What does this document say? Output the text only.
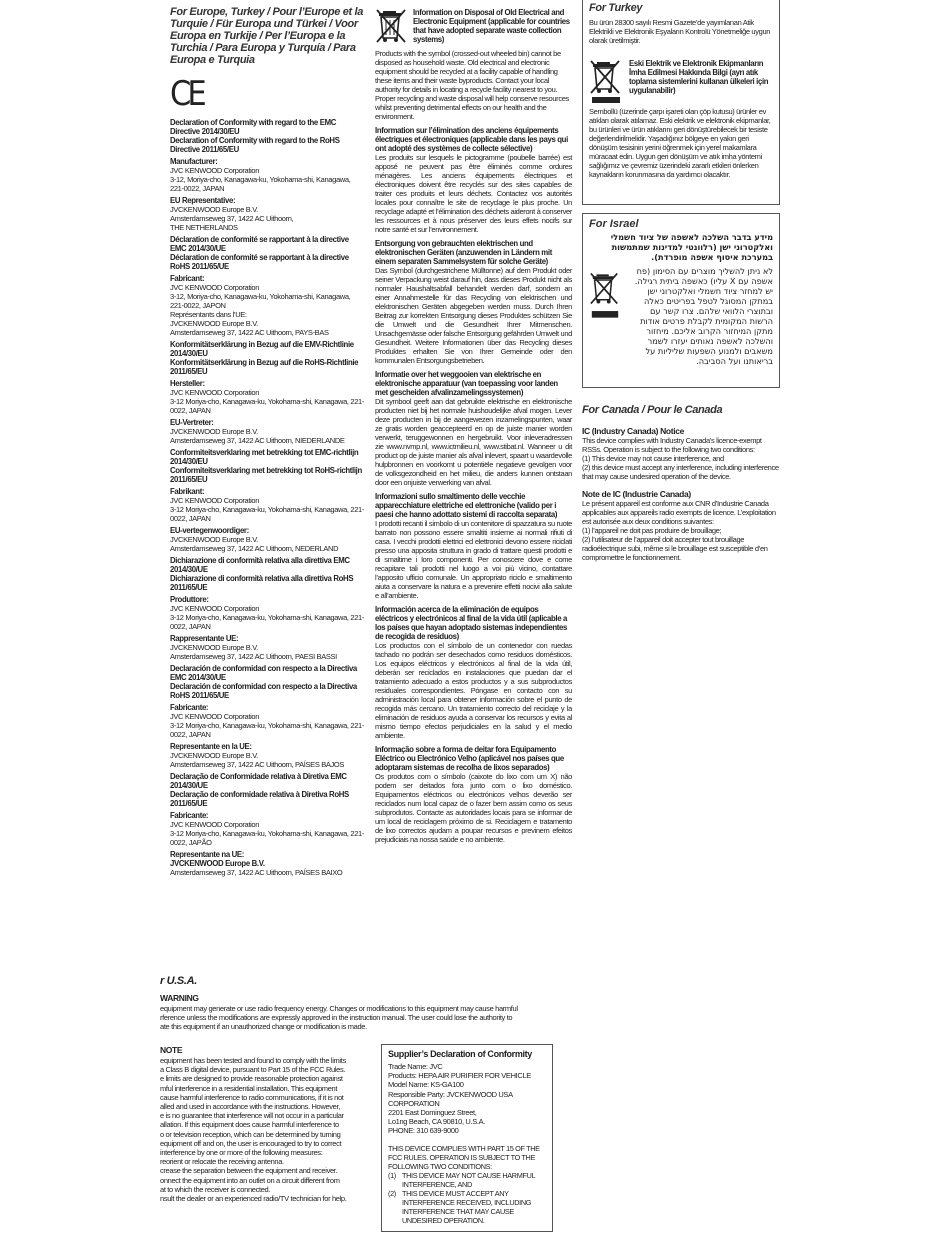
For Europe, Turkey / Pour l’Europe et la Turquie / Für Europa und Türkei / Voor Europa en Turkije / Per l’Europa e la Turchia / Para Europa y Turquía / Para Europa e Turquia
CE

Declaration of Conformity with regard to the EMC Directive 2014/30/EU

Declaration of Conformity with regard to the RoHS Directive 2011/65/EU

Manufacturer:

JVC KENWOOD Corporation
3-12, Moriya-cho, Kanagawa-ku, Yokohama-shi, Kanagawa, 221-0022, JAPAN

EU Representative:

JVCKENWOOD Europe B.V.
Amsterdamseweg 37, 1422 AC Uithoorn,
THE NETHERLANDS

Déclaration de conformité se rapportant à la directive EMC 2014/30/UE

Déclaration de conformité se rapportant à la directive RoHS 2011/65/UE

Fabricant:

JVC KENWOOD Corporation
3-12, Moriya-cho, Kanagawa-ku, Yokohama-shi, Kanagawa, 221-0022, JAPON
Représentants dans l’UE:
JVCKENWOOD Europe B.V.
Amsterdamseweg 37, 1422 AC Uithoorn, PAYS-BAS

Konformitätserklärung in Bezug auf die EMV-Richtlinie 2014/30/EU

Konformitätserklärung in Bezug auf die RoHS-Richtlinie 2011/65/EU

Hersteller:

JVC KENWOOD Corporation
3-12 Moriya-cho, Kanagawa-ku, Yokohama-shi, Kanagawa, 221-0022, JAPAN

EU-Vertreter:

JVCKENWOOD Europe B.V.
Amsterdamseweg 37, 1422 AC Uithoorn, NIEDERLANDE

Conformiteitsverklaring met betrekking tot EMC-richtlijn 2014/30/EU

Conformiteitsverklaring met betrekking tot RoHS-richtlijn 2011/65/EU

Fabrikant:

JVC KENWOOD Corporation
3-12 Moriya-cho, Kanagawa-ku, Yokohama-shi, Kanagawa, 221-0022, JAPAN

EU-vertegenwoordiger:

JVCKENWOOD Europe B.V.
Amsterdamseweg 37, 1422 AC Uithoorn, NEDERLAND

Dichiarazione di conformità relativa alla direttiva EMC 2014/30/UE

Dichiarazione di conformità relativa alla direttiva RoHS 2011/65/UE

Produttore:

JVC KENWOOD Corporation
3-12 Moriya-cho, Kanagawa-ku, Yokohama-shi, Kanagawa, 221-0022, JAPAN

Rappresentante UE:

JVCKENWOOD Europe B.V.
Amsterdamseweg 37, 1422 AC Uithoorn, PAESI BASSI

Declaración de conformidad con respecto a la Directiva EMC 2014/30/UE

Declaración de conformidad con respecto a la Directiva RoHS 2011/65/UE

Fabricante:

JVC KENWOOD Corporation
3-12 Moriya-cho, Kanagawa-ku, Yokohama-shi, Kanagawa, 221-0022, JAPAN

Representante en la UE:

JVCKENWOOD Europe B.V.
Amsterdamseweg 37, 1422 AC Uithoorn, PAÍSES BAJOS

Declaração de Conformidade relativa à Diretiva EMC 2014/30/UE

Declaração de conformidade relativa à Diretiva RoHS 2011/65/UE

Fabricante:

JVC KENWOOD Corporation
3-12 Moriya-cho, Kanagawa-ku, Yokohama-shi, Kanagawa, 221-0022, JAPÃO

Representante na UE:

JVCKENWOOD Europe B.V.

Amsterdamseweg 37, 1422 AC Uithoorn, PAÍSES BAIXO

Information on Disposal of Old Electrical and Electronic Equipment (applicable for countries that have adopted separate waste collection systems)

Products with the symbol (crossed-out wheeled bin) cannot be disposed as household waste. Old electrical and electronic equipment should be recycled at a facility capable of handling these items and their waste byproducts. Contact your local authority for details in locating a recycle facility nearest to you. Proper recycling and waste disposal will help conserve resources whilst preventing detrimental effects on our health and the environment.

Information sur l’élimination des anciens équipements électriques et électroniques (applicable dans les pays qui ont adopté des systèmes de collecte sélective)

Les produits sur lesquels le pictogramme (poubelle barrée) est apposé ne peuvent pas être éliminés comme ordures ménagères. Les anciens équipements électriques et électroniques doivent être recyclés sur des sites capables de traiter ces produits et leurs déchets. Contactez vos autorités locales pour connaître le site de recyclage le plus proche. Un recyclage adapté et l’élimination des déchets aideront à conserver les ressources et à nous préserver des leurs effets nocifs sur notre santé et sur l’environnement.

Entsorgung von gebrauchten elektrischen und elektronischen Geräten (anzuwenden in Ländern mit einem separaten Sammelsystem für solche Geräte)

Das Symbol (durchgestrichene Mülltonne) auf dem Produkt oder seiner Verpackung weist darauf hin, dass dieses Produkt nicht als normaler Haushaltsabfall behandelt werden darf, sondern an einer Annahmestelle für das Recycling von elektrischen und elektronischen Geräten abgegeben werden muss. Durch Ihren Beitrag zur korrekten Entsorgung dieses Produktes schützen Sie die Umwelt und die Gesundheit Ihrer Mitmenschen. Unsachgemässe oder falsche Entsorgung gefährden Umwelt und Gesundheit. Weitere Informationen über das Recycling dieses Produktes erhalten Sie von Ihrer Gemeinde oder den kommunalen Entsorgungsbetrieben.

Informatie over het weggooien van elektrische en elektronische apparatuur (van toepassing voor landen met gescheiden afvalinzamelingssystemen)

Dit symbool geeft aan dat gebruikte elektrische en elektronische producten niet bij het normale huishoudelijke afval mogen. Lever deze producten in bij de aangewezen inzamelingspunten, waar ze gratis worden geaccepteerd en op de juiste manier worden verwerkt, teruggewonnen en hergebruikt. Voor inleveradressen zie www.nvmp.nl, www.ictmilieu.nl, www.stibat.nl. Wanneer u dit product op de juiste manier als afval inlevert, spaart u waardevolle hulpbronnen en voorkomt u potentiële negatieve gevolgen voor de volksgezondheid en het milieu, die anders kunnen ontstaan door een onjuiste verwerking van afval.

Informazioni sullo smaltimento delle vecchie apparecchiature elettriche ed elettroniche (valido per i paesi che hanno adottato sistemi di raccolta separata)

I prodotti recanti il simbolo di un contenitore di spazzatura su ruote barrato non possono essere smaltiti insieme ai normali rifiuti di casa. I vecchi prodotti elettrici ed elettronici devono essere riciclati presso una apposita struttura in grado di trattare questi prodotti e di smaltirne i loro componenti. Per conoscere dove e come recapitare tali prodotti nel luogo a voi più vicino, contattare l’apposito ufficio comunale. Un appropriato riciclo e smaltimento aiuta a conservare la natura e a prevenire effetti nocivi alla salute e all’ambiente.

Información acerca de la eliminación de equipos eléctricos y electrónicos al final de la vida útil (aplicable a los países que hayan adoptado sistemas independientes de recogida de residuos)

Los productos con el símbolo de un contenedor con ruedas tachado no podrán ser desechados como residuos domésticos. Los equipos eléctricos y electrónicos al final de la vida útil, deberán ser reciclados en instalaciones que puedan dar el tratamiento adecuado a estos productos y a sus subproductos residuales correspondientes. Póngase en contacto con su administración local para obtener información sobre el punto de recogida más cercano. Un tratamiento correcto del reciclaje y la eliminación de residuos ayuda a conservar los recursos y evita al mismo tiempo efectos perjudiciales en la salud y el medio ambiente.

Informação sobre a forma de deitar fora Equipamento Eléctrico ou Electrónico Velho (aplicável nos países que adoptaram sistemas de recolha de lixos separados)

Os produtos com o símbolo (caixote do lixo com um X) não podem ser deitados fora junto com o lixo doméstico. Equipamentos eléctricos ou electrónicos velhos deverão ser reciclados num local capaz de o fazer bem assim como os seus subprodutos. Contacte as autoridades locais para se informar de um local de reciclagem próximo de si. Reciclagem e tratamento de lixo correctos ajudam a poupar recursos e previnem efeitos prejudiciais na nossa saúde e no ambiente.

For Turkey

Bu ürün 28300 sayılı Resmi Gazete’de yayımlanan Atik Elektrikli ve Elektronik Eşyaların Kontrolü Yönetmeliğe uygun olarak üretilmiştir.

Eski Elektrik ve Elektronik Ekipmanların İmha Edilmesi Hakkında Bilgi (ayrı atık toplama sistemlerini kullanan ülkeleri için uygulanabilir)

Sembollü (üzerinde çarpı işareti olan çöp kutusu) ürünler ev atıkları olarak atılamaz. Eski elektrik ve elektronik ekipmanlar, bu ürünleri ve ürün atıklarını geri dönüştürebilecek bir tesiste değerlendirilmelidir. Yaşadığınız bölgeye en yakın geri dönüşüm tesisinin yerini öğrenmek için yerel makamlara müracaat edin. Uygun geri dönüşüm ve atık imha yöntemi sağlığımız ve çevremiz üzerindeki zararlı etkileri önlerken kaynakların korunmasına da yardımcı olacaktır.

For Israel

מידע בדבר השלכה לאשפה של ציוד חשמלי ואלקטרוני ישן (רלוונטי למדינות שמתמשות במערכת איסוף אשפה מופרדת).

לא ניתן להשליך מוצרים עם הסימון (פח אשפה עם X עליו) כאשפה ביתית רגילה. יש למחזר ציוד חשמלי ואלקטרוני ישן במתקן המסוגל לטפל בפריטים כאלה ובתוצרי הלוואי שלהם. צרו קשר עם הרשות המקומית לקבלת פרטים אודות מתקן המיחזור הקרוב אליכם. מיחזור והשלכה לאשפה נאותים יעזרו לשמר משאבים ולמנוע השפעות שליליות על בריאותנו ועל הסביבה.

For Canada / Pour le Canada

IC (Industry Canada) Notice

This device complies with Industry Canada’s licence-exempt RSSs. Operation is subject to the following two conditions:
(1) This device may not cause interference, and
(2) this device must accept any interference, including interference that may cause undesired operation of the device.

Note de IC (Industrie Canada)

Le présent appareil est conforme aux CNR d’Industrie Canada applicables aux appareils radio exempts de licence. L’exploitation est autorisée aux deux conditions suivantes:
(1) l’appareil ne doit pas produire de brouillage;
(2) l’utilisateur de l’appareil doit accepter tout brouillage radioélectrique subi, même si le brouillage est susceptible d’en compromettre le fonctionnement.

r U.S.A.

WARNING

equipment may generate or use radio frequency energy. Changes or modifications to this equipment may cause harmful
rference unless the modifications are expressly approved in the instruction manual. The user could lose the authority to
ate this equipment if an unauthorized change or modification is made.

NOTE

equipment has been tested and found to comply with the limits
a Class B digital device, pursuant to Part 15 of the FCC Rules.
e limits are designed to provide reasonable protection against
mful interference in a residential installation. This equipment
cause harmful interference to radio communications, if it is not
alled and used in accordance with the instructions. However,
e is no guarantee that interference will not occur in a particular
allation. If this equipment does cause harmful interference to
o or television reception, which can be determined by turning
equipment off and on, the user is encouraged to try to correct
interference by one or more of the following measures:
reorient or relocate the receiving antenna.
crease the separation between the equipment and receiver.
onnect the equipment into an outlet on a circuit different from
at to which the receiver is connected.
nsult the dealer or an experienced radio/TV technician for help.

Supplier’s Declaration of Conformity

Trade Name: JVC
Products: HEPA AIR PURIFIER FOR VEHICLE
Model Name: KS-GA100
Responsible Party: JVCKENWOOD USA CORPORATION
2201 East Dominguez Street,
Lo1ng Beach, CA 90810, U.S.A.
PHONE: 310 639-9000

THIS DEVICE COMPLIES WITH PART 15 OF THE FCC RULES. OPERATION IS SUBJECT TO THE FOLLOWING TWO CONDITIONS:

(1) THIS DEVICE MAY NOT CAUSE HARMFUL INTERFERENCE, AND
(2) THIS DEVICE MUST ACCEPT ANY INTERFERENCE RECEIVED, INCLUDING INTERFERENCE THAT MAY CAUSE UNDESIRED OPERATION.
